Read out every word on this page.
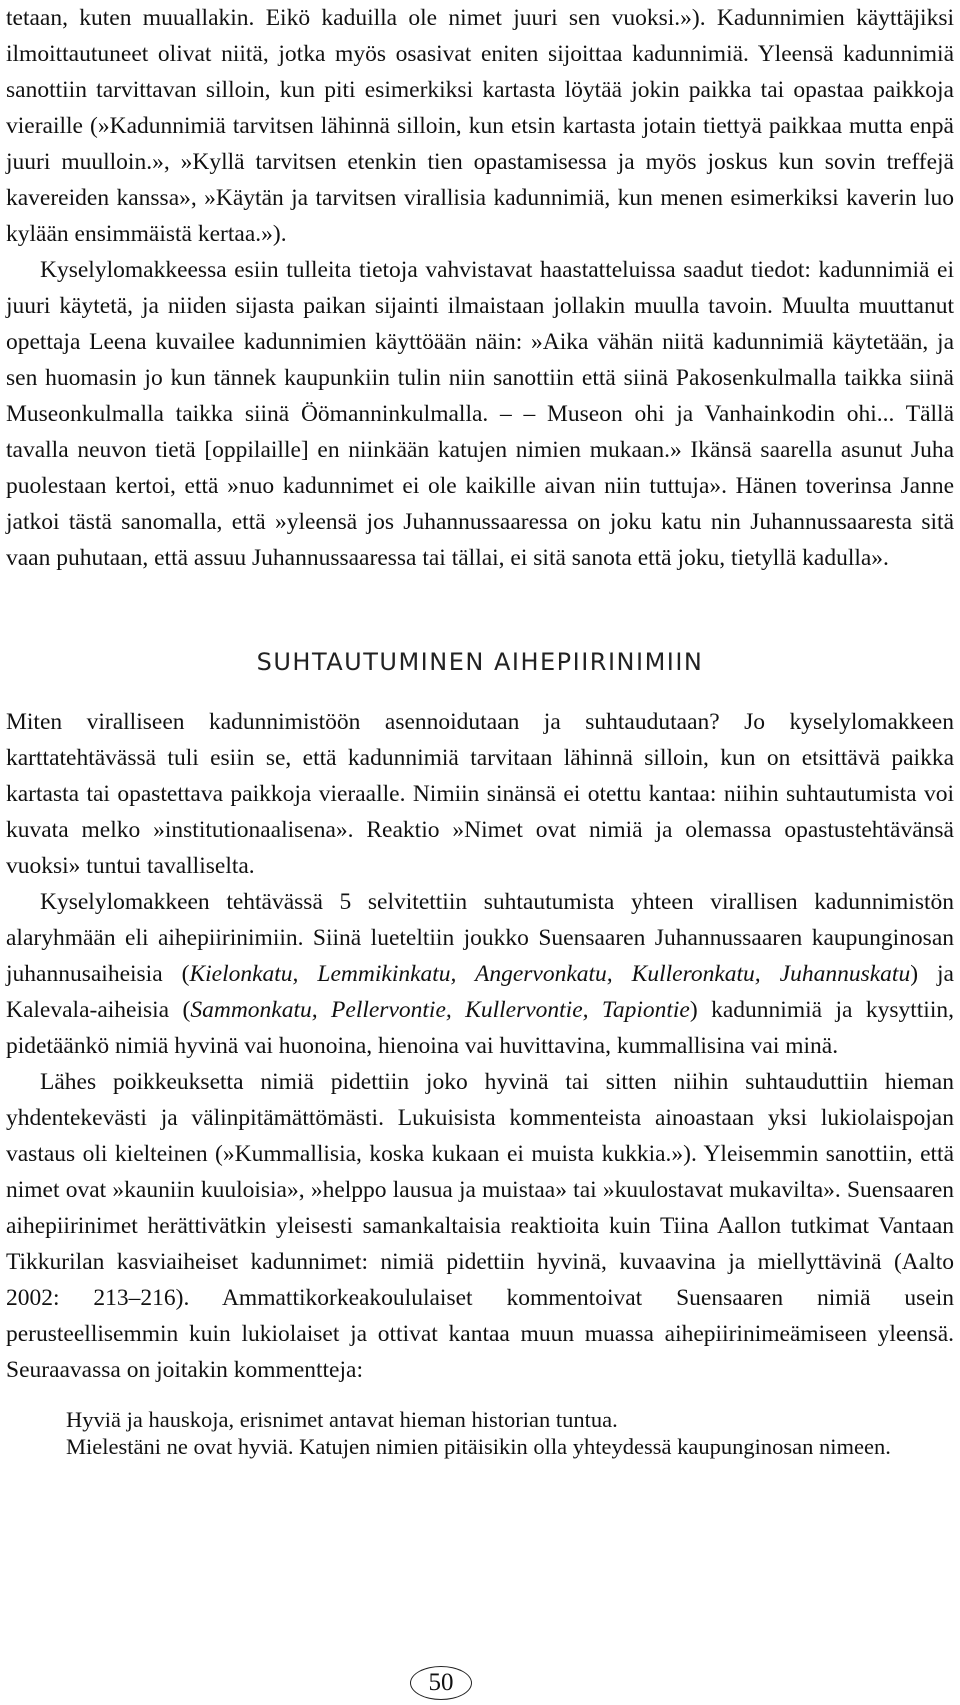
tetaan, kuten muuallakin. Eikö kaduilla ole nimet juuri sen vuoksi.»). Kadunnimien käyttäjiksi ilmoittautuneet olivat niitä, jotka myös osasivat eniten sijoittaa kadunnimiä. Yleensä kadunnimiä sanottiin tarvittavan silloin, kun piti esimerkiksi kartasta löytää jokin paikka tai opastaa paikkoja vieraille (»Kadunnimiä tarvitsen lähinnä silloin, kun etsin kartasta jotain tiettyä paikkaa mutta enpä juuri muulloin.», »Kyllä tarvitsen etenkin tien opastamisessa ja myös joskus kun sovin treffejä kavereiden kanssa», »Käytän ja tarvitsen virallisia kadunnimiä, kun menen esimerkiksi kaverin luo kylään ensimmäistä kertaa.»).

Kyselylomakkeessa esiin tulleita tietoja vahvistavat haastatteluissa saadut tiedot: kadunnimiä ei juuri käytetä, ja niiden sijasta paikan sijainti ilmaistaan jollakin muulla tavoin. Muulta muuttanut opettaja Leena kuvailee kadunnimien käyttöään näin: »Aika vähän niitä kadunnimiä käytetään, ja sen huomasin jo kun tännek kaupunkiin tulin niin sanottiin että siinä Pakosenkulmalla taikka siinä Museonkulmalla taikka siinä Öömanninkulmalla. – – Museon ohi ja Vanhainkodin ohi... Tällä tavalla neuvon tietä [oppilaille] en niinkään katujen nimien mukaan.» Ikänsä saarella asunut Juha puolestaan kertoi, että »nuo kadunnimet ei ole kaikille aivan niin tuttuja». Hänen toverinsa Janne jatkoi tästä sanomalla, että »yleensä jos Juhannussaaressa on joku katu nin Juhannussaaresta sitä vaan puhutaan, että assuu Juhannussaaressa tai tällai, ei sitä sanota että joku, tietyllä kadulla».

SUHTAUTUMINEN AIHEPIIRINIMIIN

Miten viralliseen kadunnimistöön asennoidutaan ja suhtaudutaan? Jo kyselylomakkeen karttatehtävässä tuli esiin se, että kadunnimiä tarvitaan lähinnä silloin, kun on etsittävä paikka kartasta tai opastettava paikkoja vieraalle. Nimiin sinänsä ei otettu kantaa: niihin suhtautumista voi kuvata melko »institutionaalisena». Reaktio »Nimet ovat nimiä ja olemassa opastustehtävänsä vuoksi» tuntui tavalliselta.

Kyselylomakkeen tehtävässä 5 selvitettiin suhtautumista yhteen virallisen kadunnimistön alaryhmään eli aihepiirinimiin. Siinä lueteltiin joukko Suensaaren Juhannussaaren kaupunginosan juhannusaiheisia (Kielonkatu, Lemmikinkatu, Angervonkatu, Kulleronkatu, Juhannuskatu) ja Kalevala-aiheisia (Sammonkatu, Pellervontie, Kullervontie, Tapiontie) kadunnimiä ja kysyttiin, pidetäänkö nimiä hyvinä vai huonoina, hienoina vai huvittavina, kummallisina vai minä.

Lähes poikkeuksetta nimiä pidettiin joko hyvinä tai sitten niihin suhtauduttiin hieman yhdentekevästi ja välinpitämättömästi. Lukuisista kommenteista ainoastaan yksi lukiolaispojan vastaus oli kielteinen (»Kummallisia, koska kukaan ei muista kukkia.»). Yleisemmin sanottiin, että nimet ovat »kauniin kuuloisia», »helppo lausua ja muistaa» tai »kuulostavat mukavilta». Suensaaren aihepiirinimet herättivätkin yleisesti samankaltaisia reaktioita kuin Tiina Aallon tutkimat Vantaan Tikkurilan kasviaiheiset kadunnimet: nimiä pidettiin hyvinä, kuvaavina ja miellyttävinä (Aalto 2002: 213–216). Ammattikorkeakoululaiset kommentoivat Suensaaren nimiä usein perusteellisemmin kuin lukiolaiset ja ottivat kantaa muun muassa aihepiirinimeämiseen yleensä. Seuraavassa on joitakin kommentteja:

Hyviä ja hauskoja, erisnimet antavat hieman historian tuntua.

Mielestäni ne ovat hyviä. Katujen nimien pitäisikin olla yhteydessä kaupunginosan nimeen.

50
